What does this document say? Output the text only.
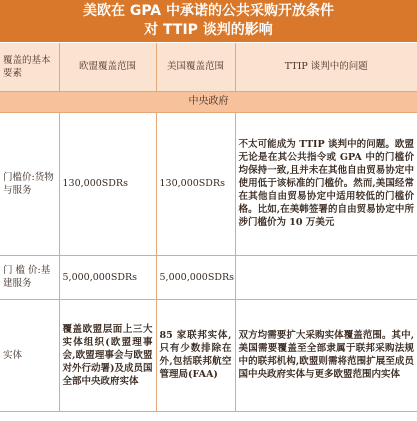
美欧在 GPA 中承诺的公共采购开放条件
对 TTIP 谈判的影响
覆盖的基本要素	欧盟覆盖范围	美国覆盖范围	TTIP 谈判中的问题
中央政府			
门槛价:货物与服务	130,000SDRs	130,000SDRs	不太可能成为 TTIP 谈判中的问题。欧盟无论是在其公共指令或 GPA 中的门槛价均保持一致,且并未在其他自由贸易协定中使用低于该标准的门槛价。然而,美国经常在其他自由贸易协定中适用较低的门槛价格。比如,在美韩签署的自由贸易协定中所涉门槛价为 10 万美元
门 槛 价:基建服务	5,000,000SDRs	5,000,000SDRs	
实体	覆盖欧盟层面上三大实体组织(欧盟理事会,欧盟理事会与欧盟对外行动署)及成员国全部中央政府实体	85 家联邦实体,只有少数排除在外,包括联邦航空管理局(FAA)	双方均需要扩大采购实体覆盖范围。其中,美国需要覆盖至全部隶属于联邦采购法规中的联邦机构,欧盟则需将范围扩展至成员国中央政府实体与更多欧盟范围内实体
